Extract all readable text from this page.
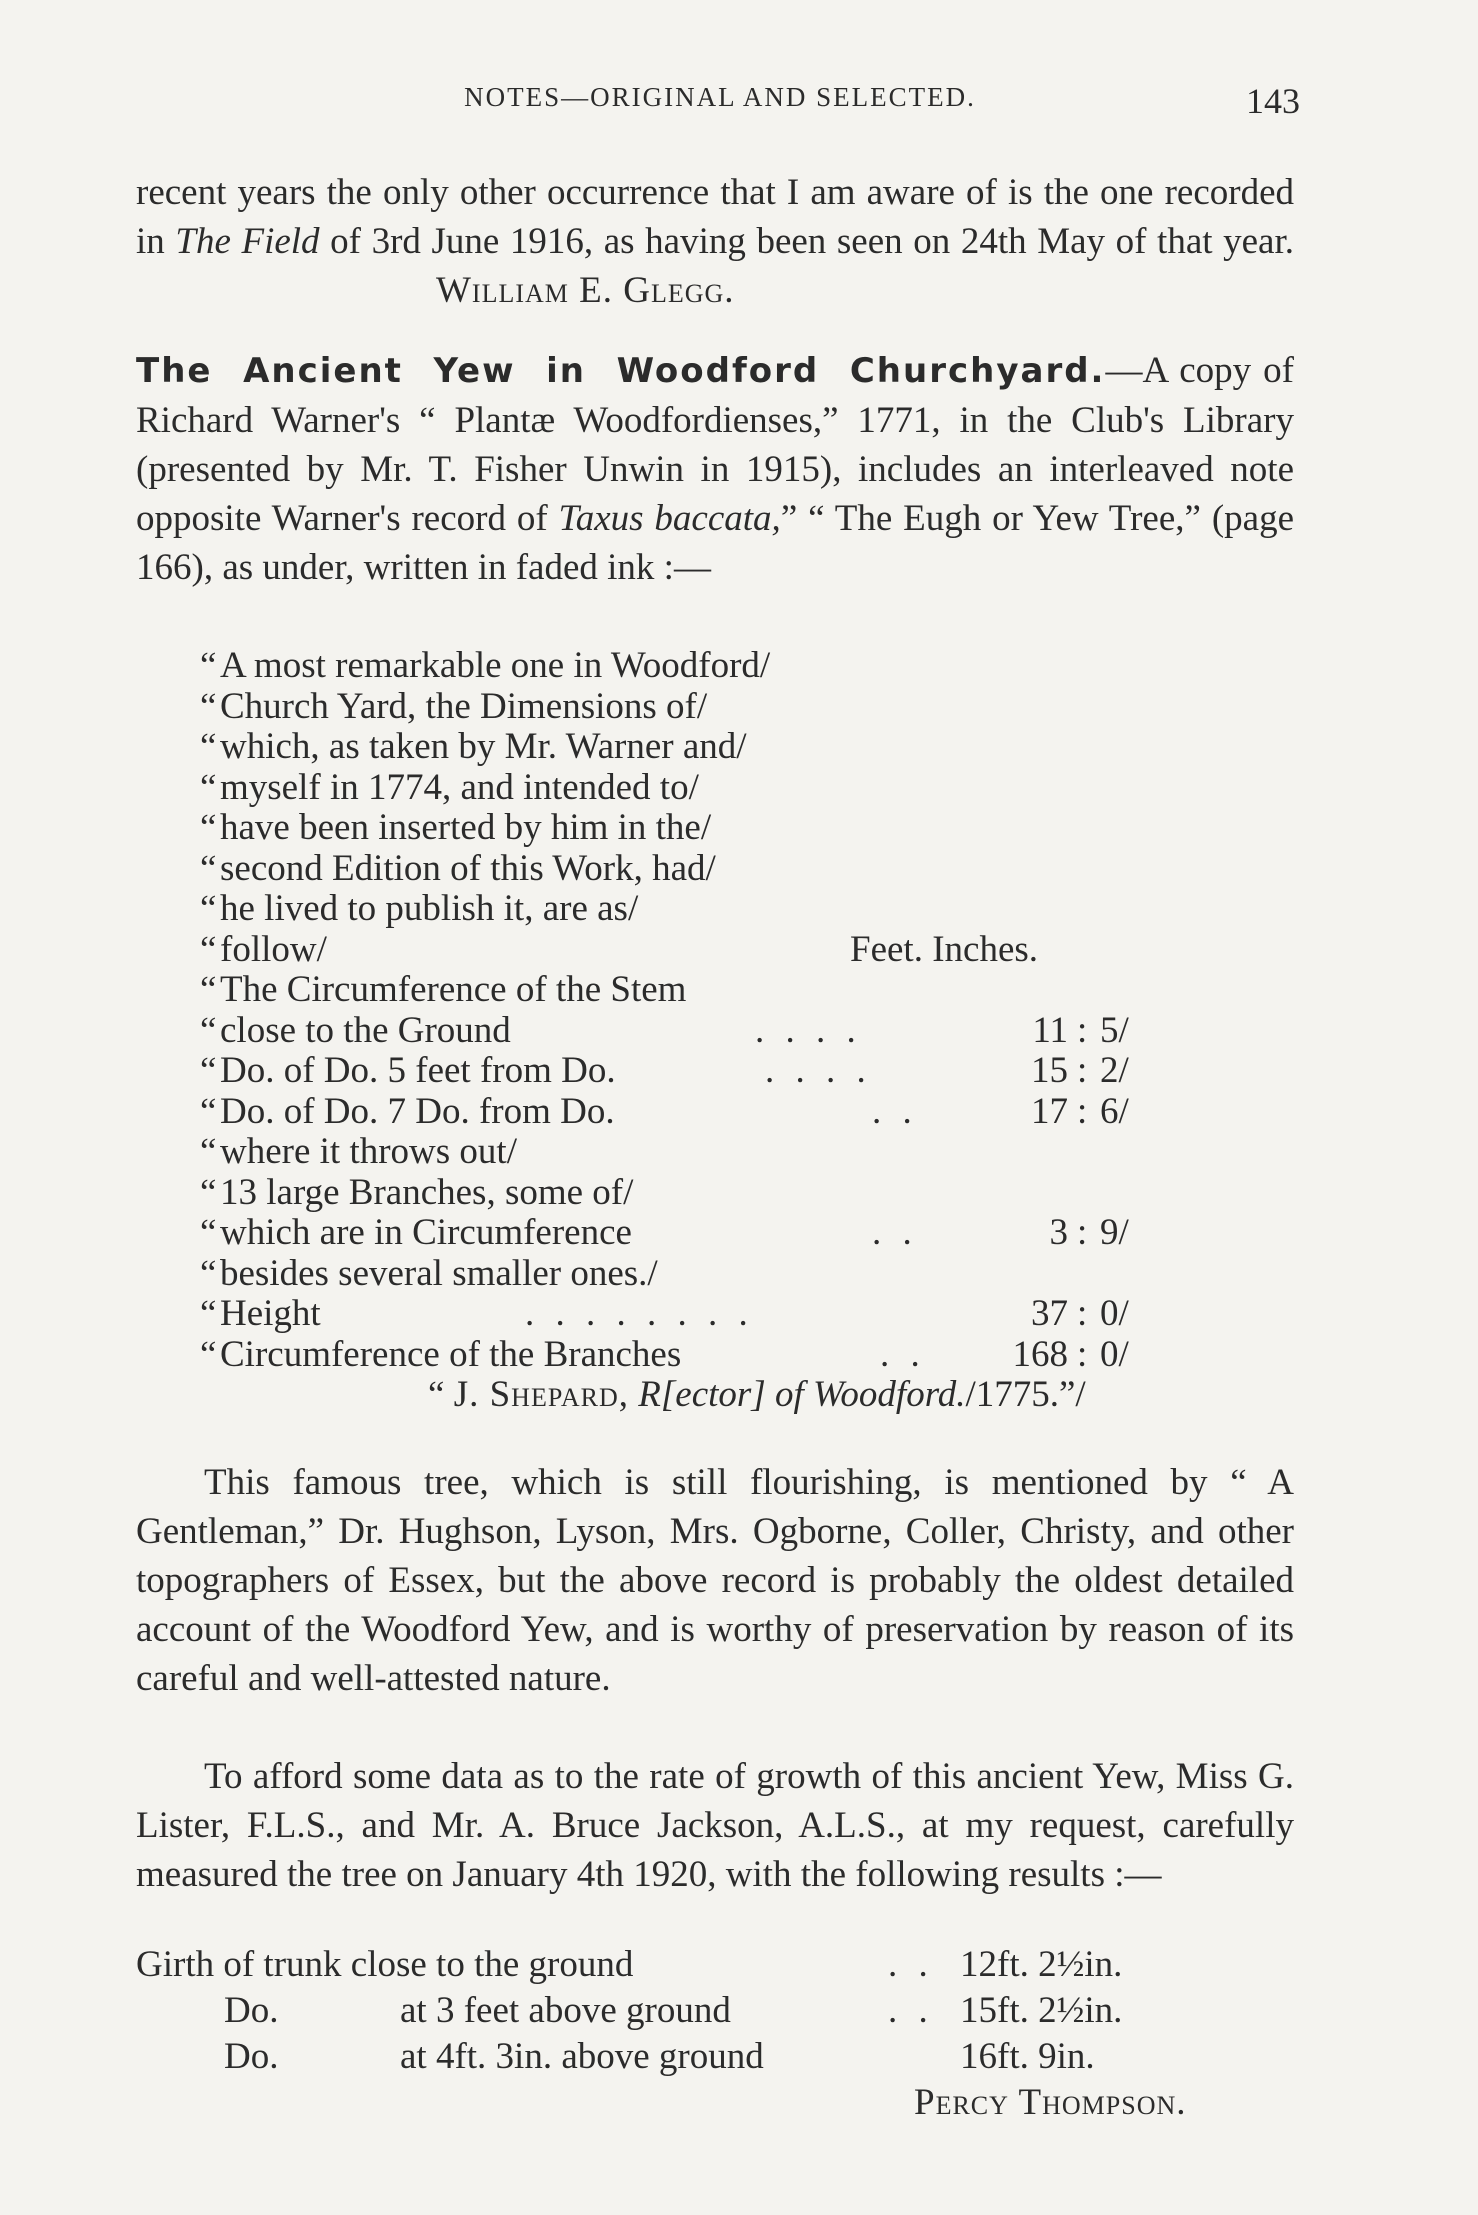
NOTES—ORIGINAL AND SELECTED.	143
recent years the only other occurrence that I am aware of is the one recorded in The Field of 3rd June 1916, as having been seen on 24th May of that year. William E. Glegg.
The Ancient Yew in Woodford Churchyard.—A copy of Richard Warner's “ Plantæ Woodfordienses,” 1771, in the Club's Library (presented by Mr. T. Fisher Unwin in 1915), includes an interleaved note opposite Warner's record of Taxus baccata,” “ The Eugh or Yew Tree,” (page 166), as under, written in faded ink :—
“ A most remarkable one in Woodford/
“ Church Yard, the Dimensions of/
“ which, as taken by Mr. Warner and/
“ myself in 1774, and intended to/
“ have been inserted by him in the/
“ second Edition of this Work, had/
“ he lived to publish it, are as/
“ follow/	Feet. Inches.
“ The Circumference of the Stem
“ close to the Ground	. . . .	11 : 5/
“ Do. of Do. 5 feet from Do.	. . . .	15 : 2/
“ Do. of Do. 7 Do. from Do.	. .	17 : 6/
“ where it throws out/
“ 13 large Branches, some of/
“ which are in Circumference	. .	3 : 9/
“ besides several smaller ones./
“ Height	. . . . . . . .	37 : 0/
“ Circumference of the Branches	. .	168 : 0/
“ J. Shepard, R[ector] of Woodford./1775.”/
This famous tree, which is still flourishing, is mentioned by “ A Gentleman,” Dr. Hughson, Lyson, Mrs. Ogborne, Coller, Christy, and other topographers of Essex, but the above record is probably the oldest detailed account of the Woodford Yew, and is worthy of preservation by reason of its careful and well-attested nature.
To afford some data as to the rate of growth of this ancient Yew, Miss G. Lister, F.L.S., and Mr. A. Bruce Jackson, A.L.S., at my request, carefully measured the tree on January 4th 1920, with the following results :—
Girth of trunk close to the ground	. . 12ft. 2½in.
Do.	at 3 feet above ground	. . 15ft. 2½in.
Do.	at 4ft. 3in. above ground	16ft. 9in.
Percy Thompson.
